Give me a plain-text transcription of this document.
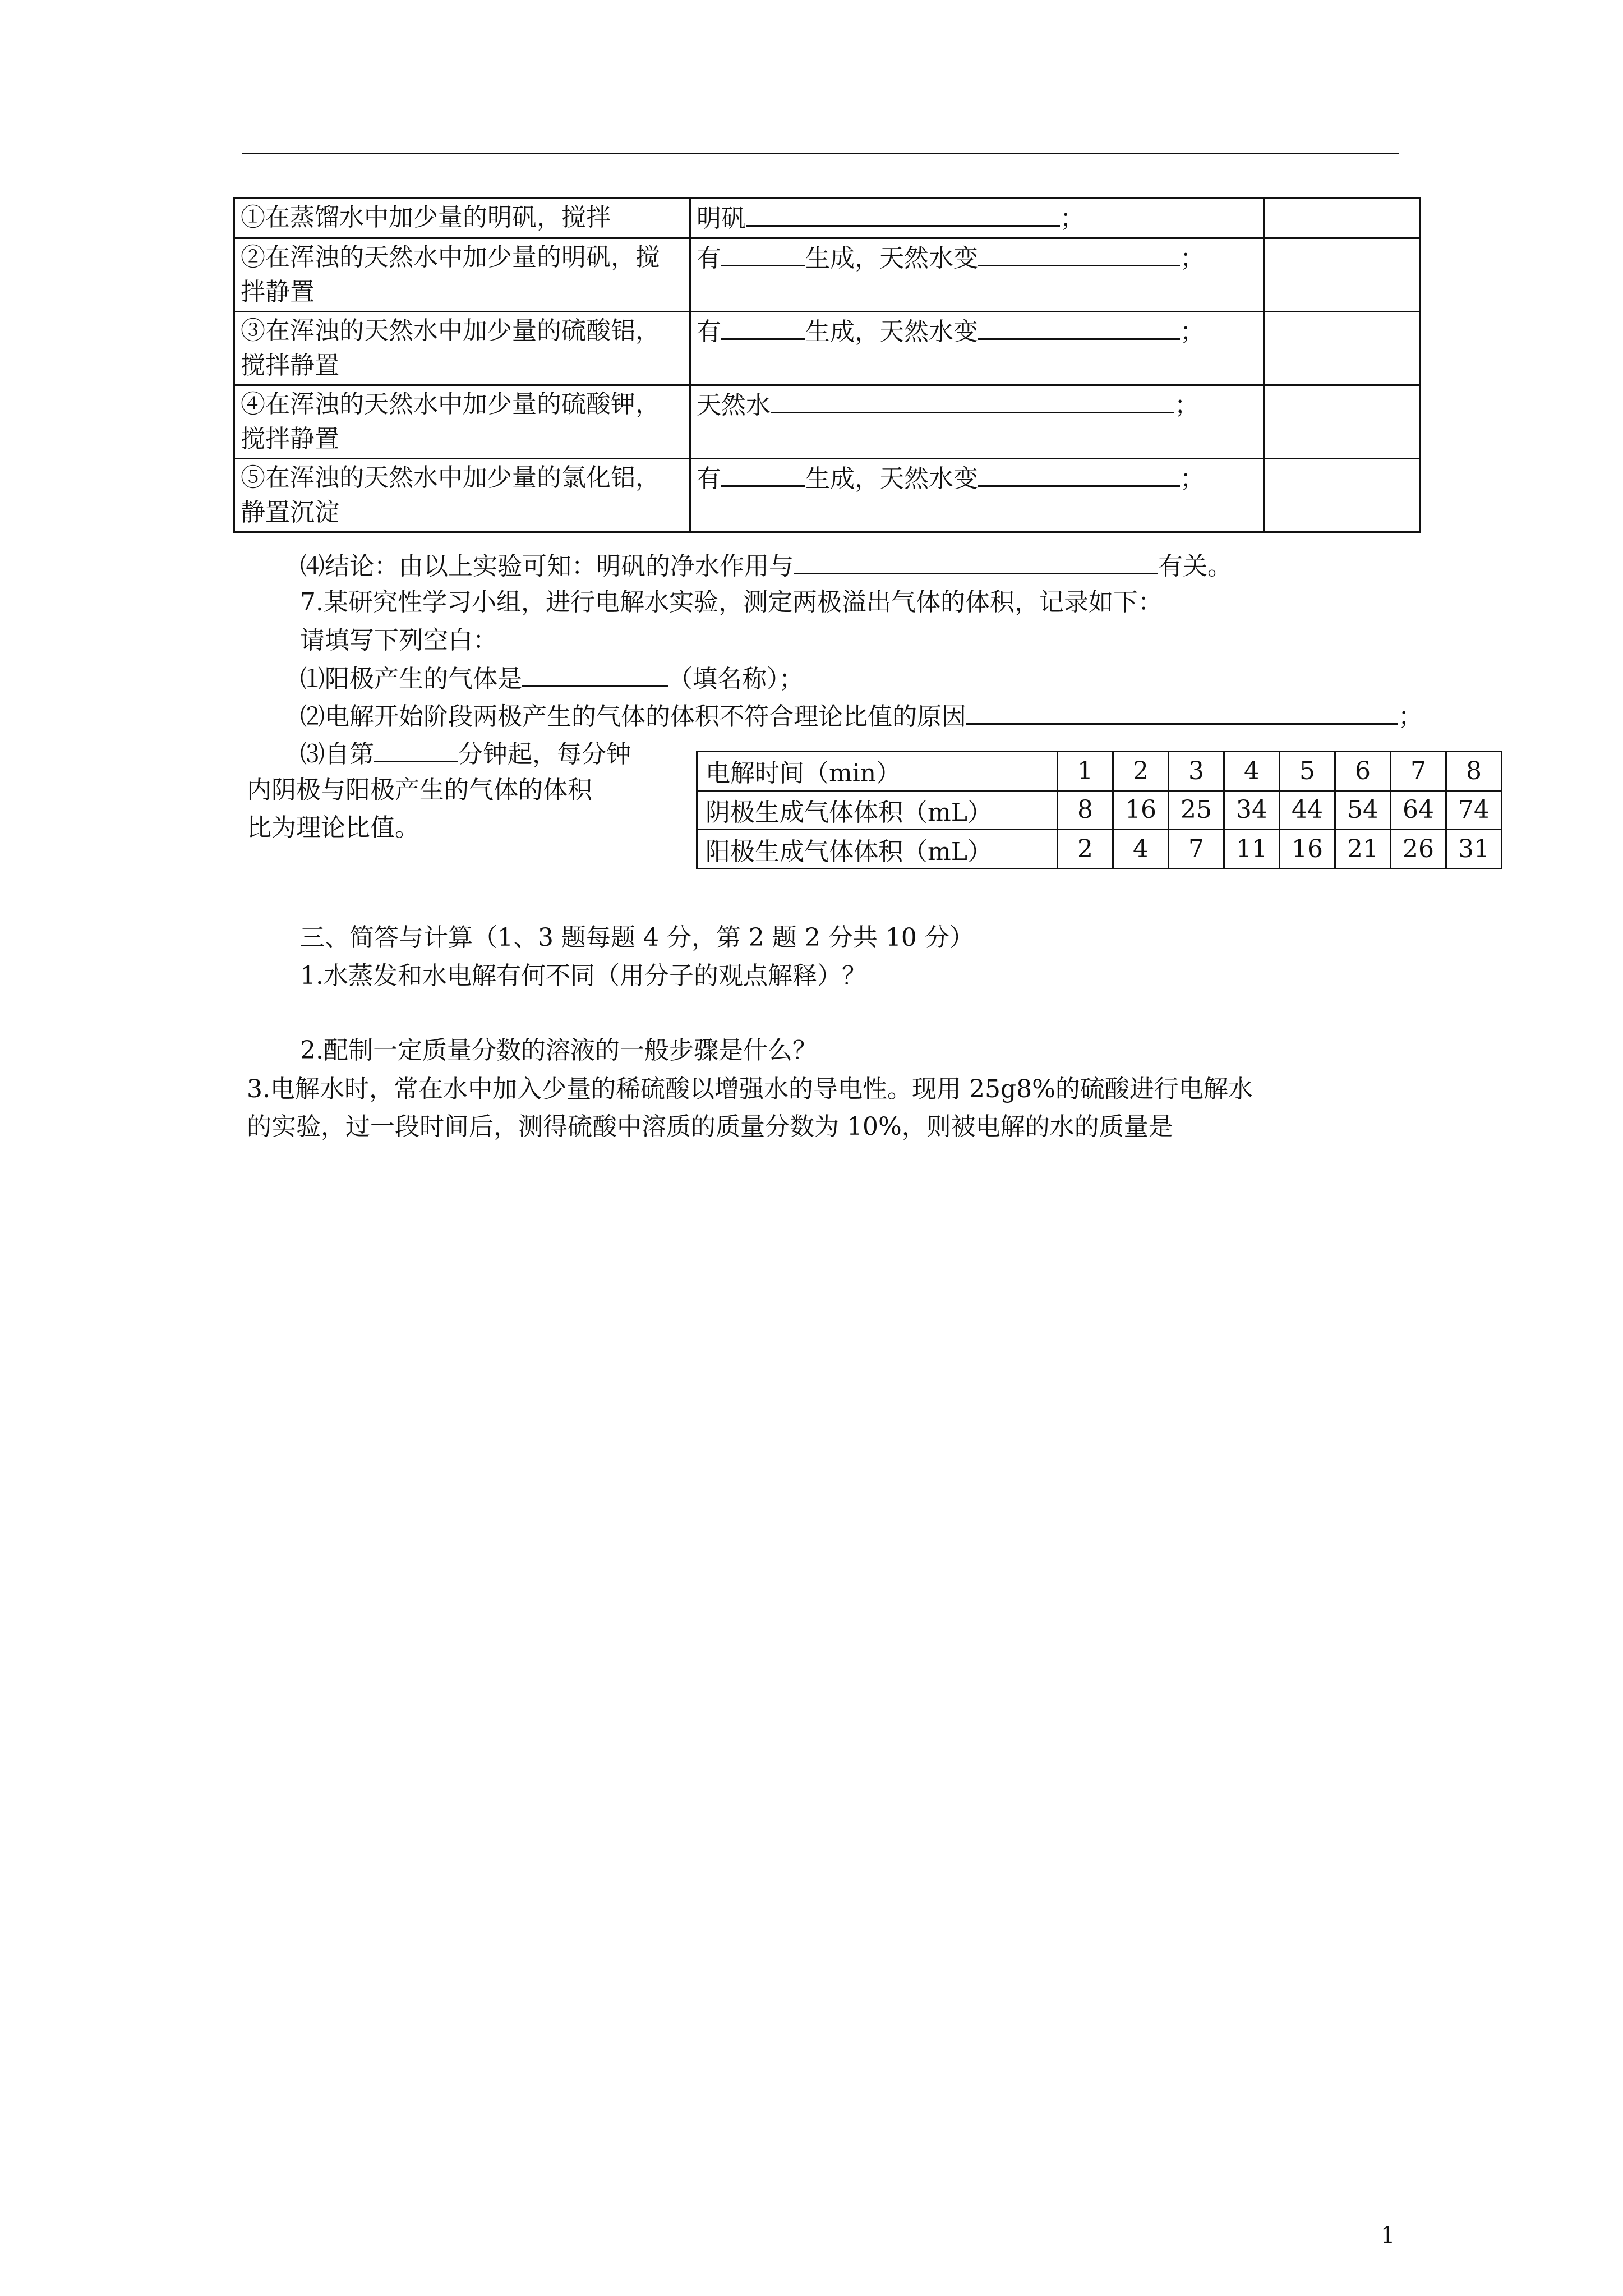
①在蒸馏水中加少量的明矾，搅拌	明矾 ；	
②在浑浊的天然水中加少量的明矾，搅拌静置	有 生成，天然水变 ；	
③在浑浊的天然水中加少量的硫酸铝，搅拌静置	有 生成，天然水变 ；	
④在浑浊的天然水中加少量的硫酸钾，搅拌静置	天然水 ；	
⑤在浑浊的天然水中加少量的氯化铝，静置沉淀	有 生成，天然水变 ；	
⑷结论：由以上实验可知：明矾的净水作用与	有关。
7.某研究性学习小组，进行电解水实验，测定两极溢出气体的体积，记录如下：
请填写下列空白：
⑴阳极产生的气体是	（填名称）；
⑵电解开始阶段两极产生的气体的体积不符合理论比值的原因	；
⑶自第	分钟起，每分钟
内阴极与阳极产生的气体的体积
比为理论比值。
电解时间（min）	1	2	3	4	5	6	7	8
阴极生成气体体积（mL）	8	16	25	34	44	54	64	74
阳极生成气体体积（mL）	2	4	7	11	16	21	26	31
三、简答与计算（1、3 题每题 4 分，第 2 题 2 分共 10 分）
1.水蒸发和水电解有何不同（用分子的观点解释）？
2.配制一定质量分数的溶液的一般步骤是什么？
3.电解水时，常在水中加入少量的稀硫酸以增强水的导电性。现用 25g8%的硫酸进行电解水
的实验，过一段时间后，测得硫酸中溶质的质量分数为 10%，则被电解的水的质量是
1
